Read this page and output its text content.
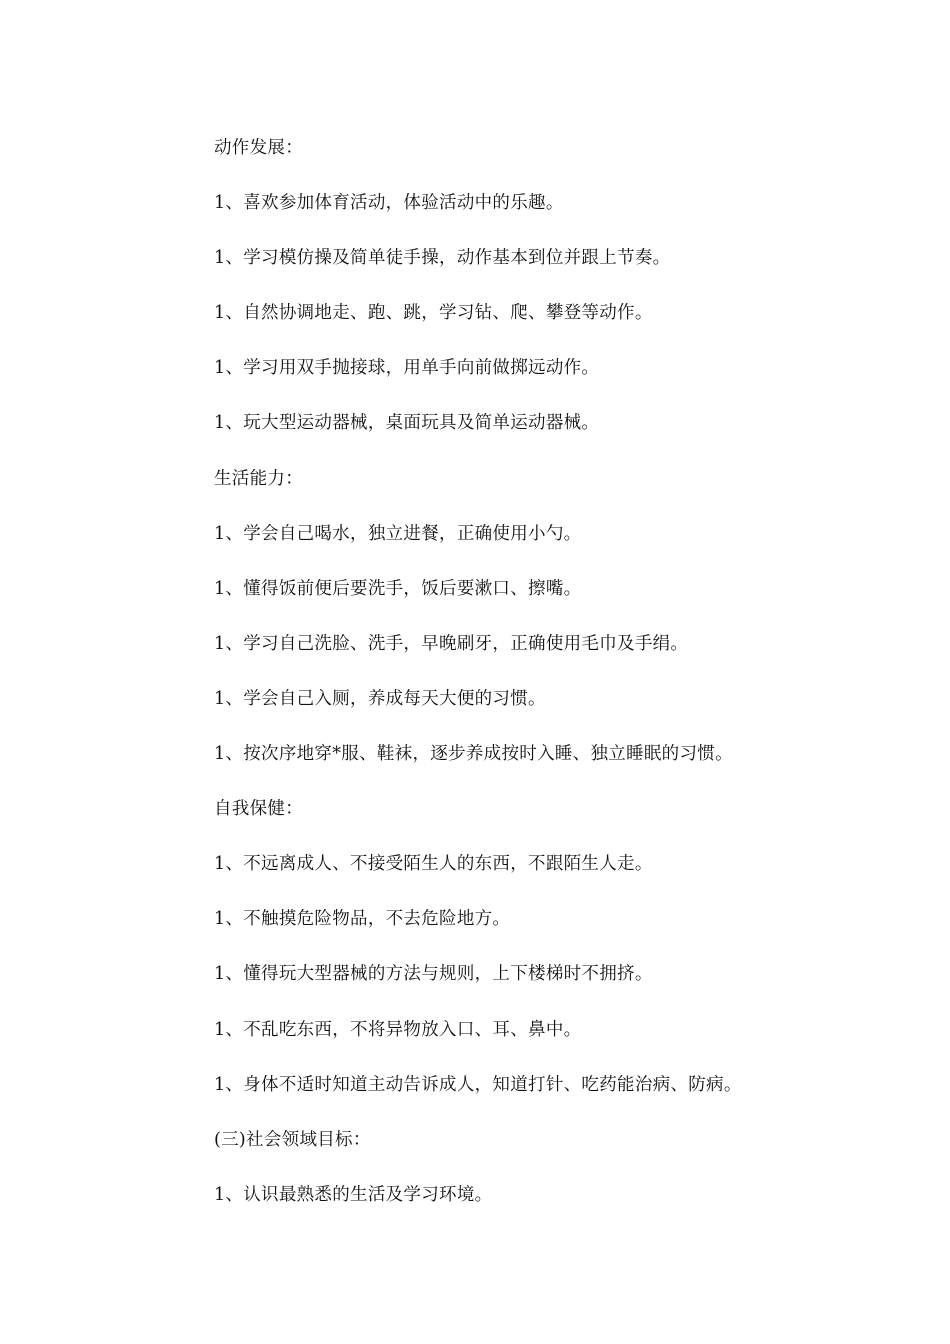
动作发展：
1、喜欢参加体育活动，体验活动中的乐趣。
1、学习模仿操及简单徒手操，动作基本到位并跟上节奏。
1、自然协调地走、跑、跳，学习钻、爬、攀登等动作。
1、学习用双手抛接球，用单手向前做掷远动作。
1、玩大型运动器械，桌面玩具及简单运动器械。
生活能力：
1、学会自己喝水，独立进餐，正确使用小勺。
1、懂得饭前便后要洗手，饭后要漱口、擦嘴。
1、学习自己洗脸、洗手，早晚刷牙，正确使用毛巾及手绢。
1、学会自己入厕，养成每天大便的习惯。
1、按次序地穿*服、鞋袜，逐步养成按时入睡、独立睡眠的习惯。
自我保健：
1、不远离成人、不接受陌生人的东西，不跟陌生人走。
1、不触摸危险物品，不去危险地方。
1、懂得玩大型器械的方法与规则，上下楼梯时不拥挤。
1、不乱吃东西，不将异物放入口、耳、鼻中。
1、身体不适时知道主动告诉成人，知道打针、吃药能治病、防病。
(三)社会领域目标：
1、认识最熟悉的生活及学习环境。
